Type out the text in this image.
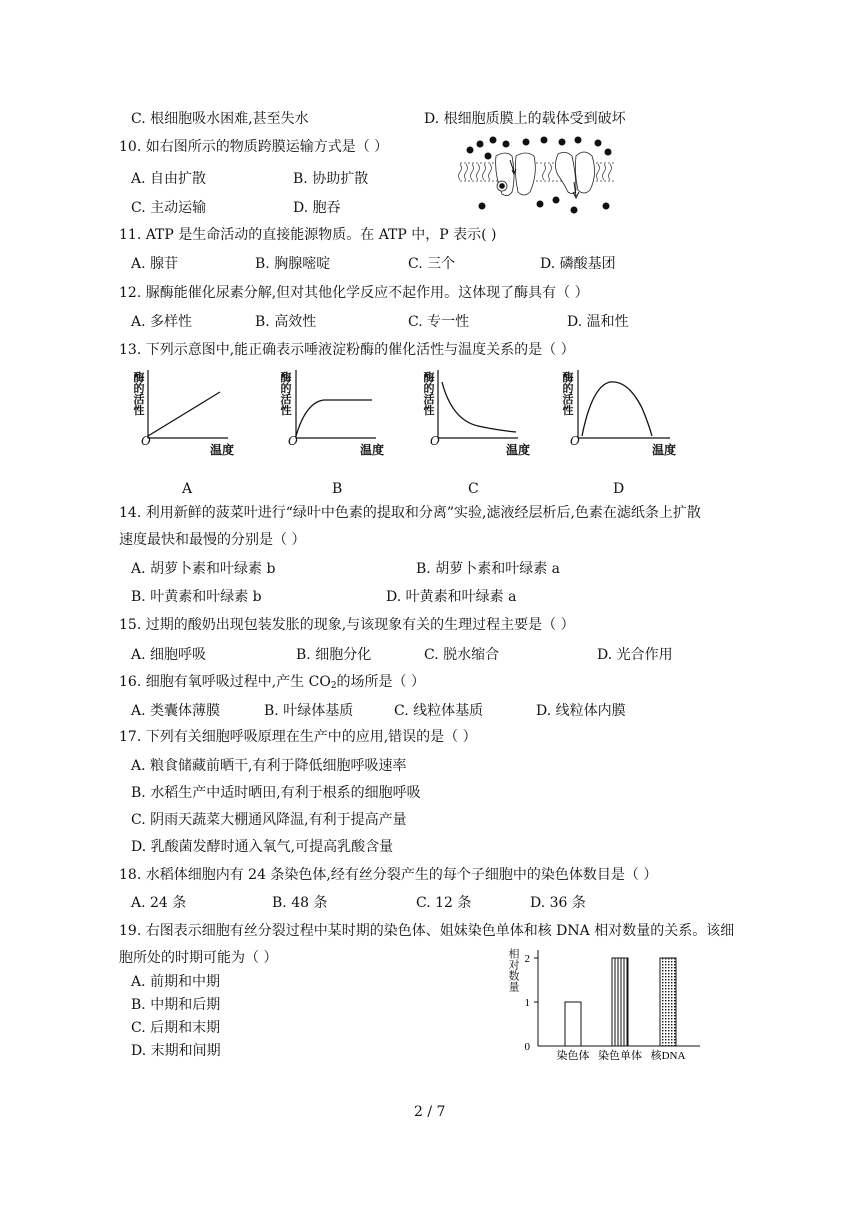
C. 根细胞吸水困难,甚至失水	D. 根细胞质膜上的载体受到破坏
10. 如右图所示的物质跨膜运输方式是（ ）
A. 自由扩散	B. 协助扩散
C. 主动运输	D. 胞吞
11. ATP 是生命活动的直接能源物质。在 ATP 中，P 表示( )
A. 腺苷	B. 胸腺嘧啶	C. 三个	D. 磷酸基团
12. 脲酶能催化尿素分解,但对其他化学反应不起作用。这体现了酶具有（ ）
A. 多样性	B. 高效性	C. 专一性	D. 温和性
13. 下列示意图中,能正确表示唾液淀粉酶的催化活性与温度关系的是（ ）
酶
的
活
性
O
温度
酶
的
活
性
O
温度
酶
的
活
性
O
温度
酶
的
活
性
O
温度
A	B	C	D
14. 利用新鲜的菠菜叶进行“绿叶中色素的提取和分离”实验,滤液经层析后,色素在滤纸条上扩散
速度最快和最慢的分别是（ ）
A. 胡萝卜素和叶绿素 b	B. 胡萝卜素和叶绿素 a
B. 叶黄素和叶绿素 b	D. 叶黄素和叶绿素 a
15. 过期的酸奶出现包装发胀的现象,与该现象有关的生理过程主要是（ ）
A. 细胞呼吸	B. 细胞分化	C. 脱水缩合	D. 光合作用
16. 细胞有氧呼吸过程中,产生 $CO_2$的场所是（ ）
A. 类囊体薄膜	B. 叶绿体基质	C. 线粒体基质	D. 线粒体内膜
17. 下列有关细胞呼吸原理在生产中的应用,错误的是（ ）
A. 粮食储藏前晒干,有利于降低细胞呼吸速率
B. 水稻生产中适时晒田,有利于根系的细胞呼吸
C. 阴雨天蔬菜大棚通风降温,有利于提高产量
D. 乳酸菌发酵时通入氧气,可提高乳酸含量
18. 水稻体细胞内有 24 条染色体,经有丝分裂产生的每个子细胞中的染色体数目是（ ）
A. 24 条	B. 48 条	C. 12 条	D. 36 条
19. 右图表示细胞有丝分裂过程中某时期的染色体、姐妹染色单体和核 DNA 相对数量的关系。该细
胞所处的时期可能为（ ）
A. 前期和中期
B. 中期和后期
C. 后期和末期
D. 末期和间期
相对数量
0
1
2
染色体 染色单体 核DNA
2 / 7
